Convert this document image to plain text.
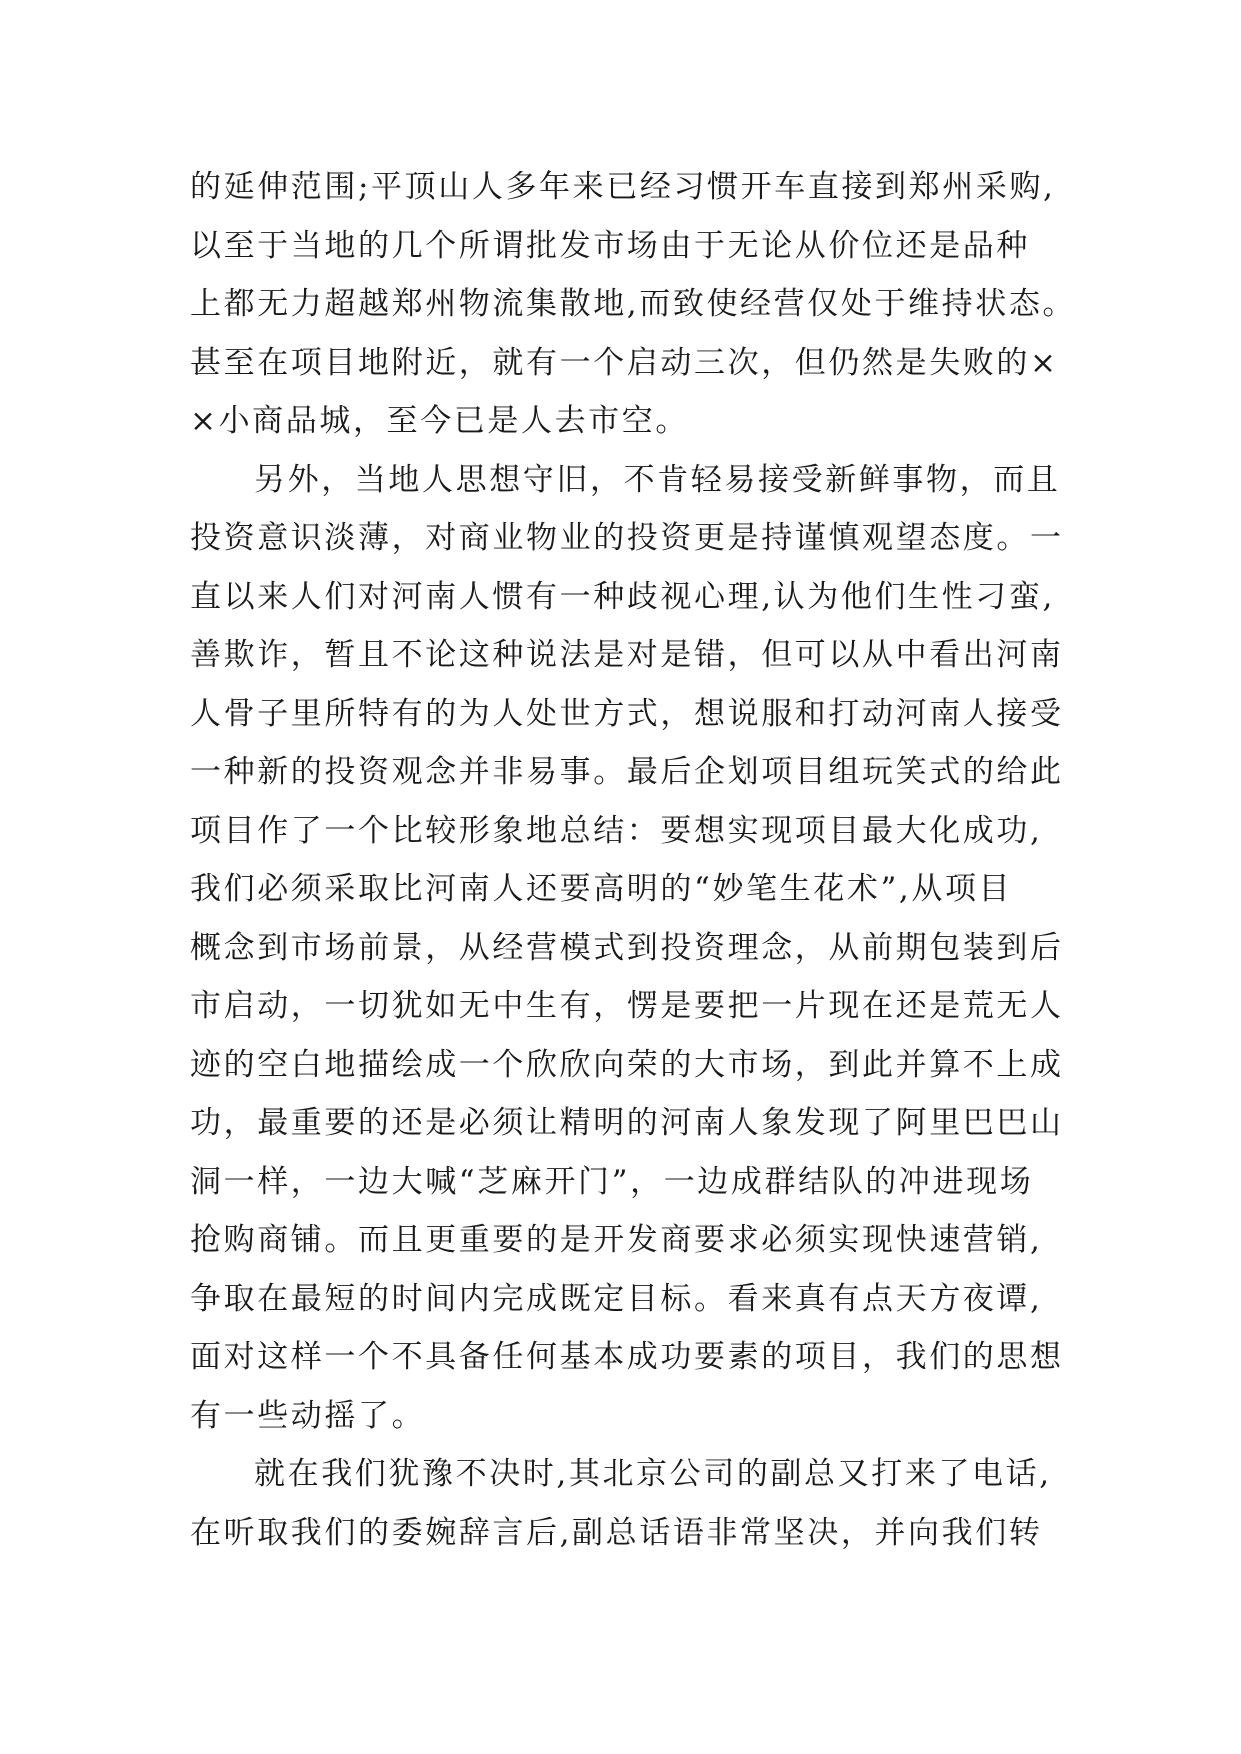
的延伸范围;平顶山人多年来已经习惯开车直接到郑州采购,
以至于当地的几个所谓批发市场由于无论从价位还是品种
上都无力超越郑州物流集散地,而致使经营仅处于维持状态。
甚至在项目地附近，就有一个启动三次，但仍然是失败的×
×小商品城，至今已是人去市空。
另外，当地人思想守旧，不肯轻易接受新鲜事物，而且
投资意识淡薄，对商业物业的投资更是持谨慎观望态度。一
直以来人们对河南人惯有一种歧视心理,认为他们生性刁蛮,
善欺诈，暂且不论这种说法是对是错，但可以从中看出河南
人骨子里所特有的为人处世方式，想说服和打动河南人接受
一种新的投资观念并非易事。最后企划项目组玩笑式的给此
项目作了一个比较形象地总结：要想实现项目最大化成功,
我们必须采取比河南人还要高明的“妙笔生花术”,从项目
概念到市场前景，从经营模式到投资理念，从前期包装到后
市启动，一切犹如无中生有，愣是要把一片现在还是荒无人
迹的空白地描绘成一个欣欣向荣的大市场，到此并算不上成
功，最重要的还是必须让精明的河南人象发现了阿里巴巴山
洞一样，一边大喊“芝麻开门”，一边成群结队的冲进现场
抢购商铺。而且更重要的是开发商要求必须实现快速营销,
争取在最短的时间内完成既定目标。看来真有点天方夜谭,
面对这样一个不具备任何基本成功要素的项目，我们的思想
有一些动摇了。
就在我们犹豫不决时,其北京公司的副总又打来了电话,
在听取我们的委婉辞言后,副总话语非常坚决，并向我们转
